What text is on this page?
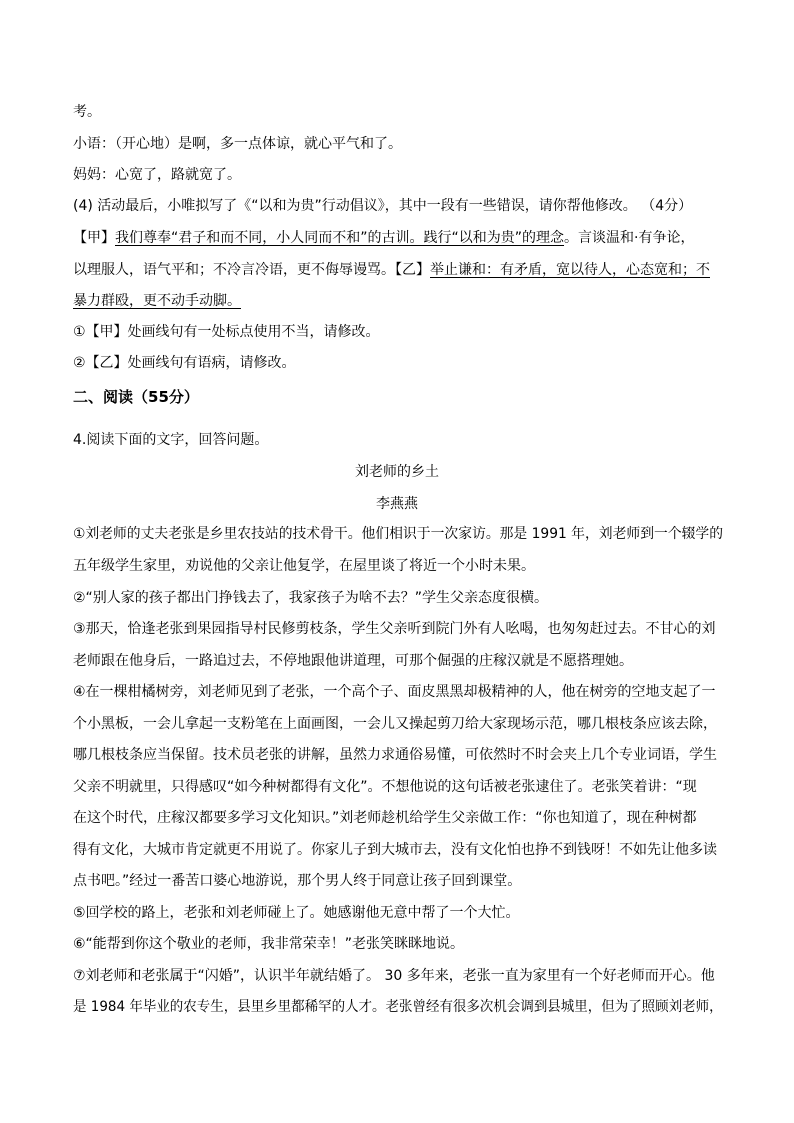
考。
小语：（开心地）是啊，多一点体谅，就心平气和了。
妈妈：心宽了，路就宽了。
(4) 活动最后，小唯拟写了《“以和为贵”行动倡议》，其中一段有一些错误，请你帮他修改。 （4分）
【甲】我们尊奉“君子和而不同，小人同而不和”的古训。践行“以和为贵”的理念。言谈温和·有争论，
以理服人，语气平和；不冷言冷语，更不侮辱谩骂。【乙】举止谦和：有矛盾，宽以待人，心态宽和；不
暴力群殴，更不动手动脚。
①【甲】处画线句有一处标点使用不当，请修改。
②【乙】处画线句有语病，请修改。
二、阅读（55分）
4.阅读下面的文字，回答问题。
刘老师的乡土
李燕燕
①刘老师的丈夫老张是乡里农技站的技术骨干。他们相识于一次家访。那是 1991 年，刘老师到一个辍学的
五年级学生家里，劝说他的父亲让他复学，在屋里谈了将近一个小时未果。
②“别人家的孩子都出门挣钱去了，我家孩子为啥不去？”学生父亲态度很横。
③那天，恰逢老张到果园指导村民修剪枝条，学生父亲听到院门外有人吆喝，也匆匆赶过去。不甘心的刘
老师跟在他身后，一路追过去，不停地跟他讲道理，可那个倔强的庄稼汉就是不愿搭理她。
④在一棵柑橘树旁，刘老师见到了老张，一个高个子、面皮黑黑却极精神的人，他在树旁的空地支起了一
个小黑板，一会儿拿起一支粉笔在上面画图，一会儿又操起剪刀给大家现场示范，哪几根枝条应该去除，
哪几根枝条应当保留。技术员老张的讲解，虽然力求通俗易懂，可依然时不时会夹上几个专业词语，学生
父亲不明就里，只得感叹“如今种树都得有文化”。不想他说的这句话被老张逮住了。老张笑着讲：“现
在这个时代，庄稼汉都要多学习文化知识。”刘老师趁机给学生父亲做工作：“你也知道了，现在种树都
得有文化，大城市肯定就更不用说了。你家儿子到大城市去，没有文化怕也挣不到钱呀！不如先让他多读
点书吧。”经过一番苦口婆心地游说，那个男人终于同意让孩子回到课堂。
⑤回学校的路上，老张和刘老师碰上了。她感谢他无意中帮了一个大忙。
⑥“能帮到你这个敬业的老师，我非常荣幸！”老张笑眯眯地说。
⑦刘老师和老张属于“闪婚”，认识半年就结婚了。 30 多年来，老张一直为家里有一个好老师而开心。他
是 1984 年毕业的农专生，县里乡里都稀罕的人才。老张曾经有很多次机会调到县城里，但为了照顾刘老师，
